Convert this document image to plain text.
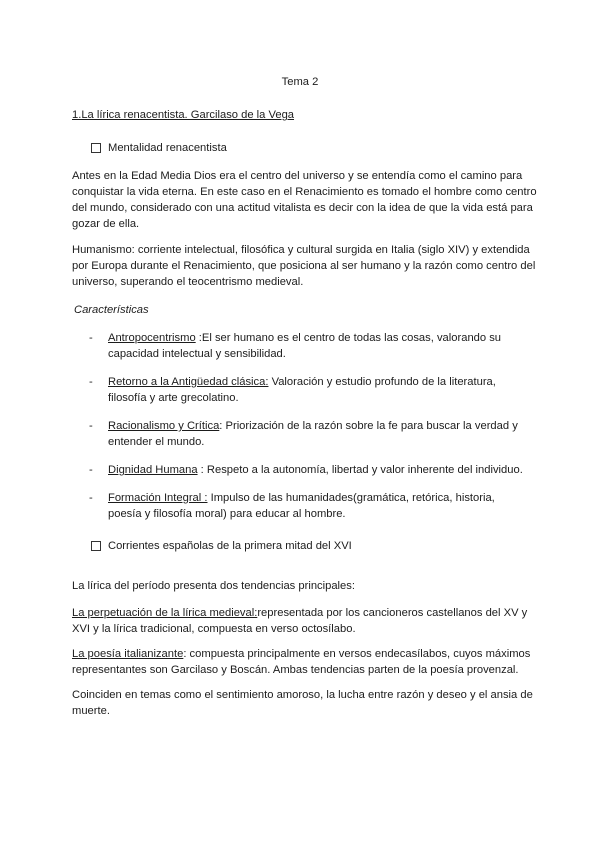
Tema 2
1.La lírica renacentista. Garcilaso de la Vega
Mentalidad renacentista

Antes en la Edad Media Dios era el centro del universo y se entendía como el camino para conquistar la vida eterna. En este caso en el Renacimiento es tomado el hombre como centro del mundo, considerado con una actitud vitalista es decir con la idea de que la vida está para gozar de ella.

Humanismo: corriente intelectual, filosófica y cultural surgida en Italia (siglo XIV) y extendida por Europa durante el Renacimiento, que posiciona al ser humano y la razón como centro del universo, superando el teocentrismo medieval.

Características
-	Antropocentrismo :El ser humano es el centro de todas las cosas, valorando su capacidad intelectual y sensibilidad.
-	Retorno a la Antigüedad clásica: Valoración y estudio profundo de la literatura, filosofía y arte grecolatino.
-	Racionalismo y Crítica: Priorización de la razón sobre la fe para buscar la verdad y entender el mundo.
-	Dignidad Humana : Respeto a la autonomía, libertad y valor inherente del individuo.
-	Formación Integral : Impulso de las humanidades(gramática, retórica, historia, poesía y filosofía moral) para educar al hombre.
Corrientes españolas de la primera mitad del XVI

La lírica del período presenta dos tendencias principales:

La perpetuación de la lírica medieval:representada por los cancioneros castellanos del XV y XVI y la lírica tradicional, compuesta en verso octosílabo.

La poesía italianizante: compuesta principalmente en versos endecasílabos, cuyos máximos representantes son Garcilaso y Boscán. Ambas tendencias parten de la poesía provenzal.

Coinciden en temas como el sentimiento amoroso, la lucha entre razón y deseo y el ansia de muerte.
